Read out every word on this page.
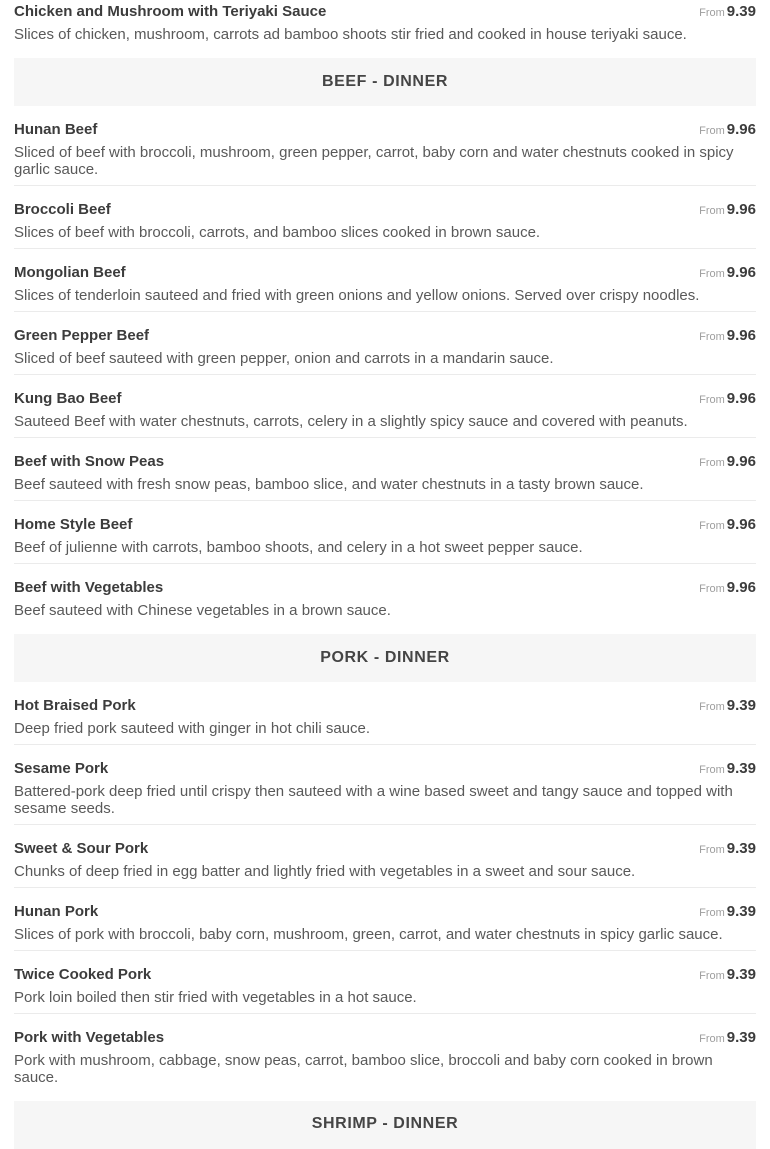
Chicken and Mushroom with Teriyaki Sauce	From 9.39

Slices of chicken, mushroom, carrots ad bamboo shoots stir fried and cooked in house teriyaki sauce.

BEEF - DINNER
Hunan Beef	From 9.96

Sliced of beef with broccoli, mushroom, green pepper, carrot, baby corn and water chestnuts cooked in spicy garlic sauce.

Broccoli Beef	From 9.96

Slices of beef with broccoli, carrots, and bamboo slices cooked in brown sauce.

Mongolian Beef	From 9.96

Slices of tenderloin sauteed and fried with green onions and yellow onions. Served over crispy noodles.

Green Pepper Beef	From 9.96

Sliced of beef sauteed with green pepper, onion and carrots in a mandarin sauce.

Kung Bao Beef	From 9.96

Sauteed Beef with water chestnuts, carrots, celery in a slightly spicy sauce and covered with peanuts.

Beef with Snow Peas	From 9.96

Beef sauteed with fresh snow peas, bamboo slice, and water chestnuts in a tasty brown sauce.

Home Style Beef	From 9.96

Beef of julienne with carrots, bamboo shoots, and celery in a hot sweet pepper sauce.

Beef with Vegetables	From 9.96

Beef sauteed with Chinese vegetables in a brown sauce.

PORK - DINNER
Hot Braised Pork	From 9.39

Deep fried pork sauteed with ginger in hot chili sauce.

Sesame Pork	From 9.39

Battered-pork deep fried until crispy then sauteed with a wine based sweet and tangy sauce and topped with sesame seeds.

Sweet & Sour Pork	From 9.39

Chunks of deep fried in egg batter and lightly fried with vegetables in a sweet and sour sauce.

Hunan Pork	From 9.39

Slices of pork with broccoli, baby corn, mushroom, green, carrot, and water chestnuts in spicy garlic sauce.

Twice Cooked Pork	From 9.39

Pork loin boiled then stir fried with vegetables in a hot sauce.

Pork with Vegetables	From 9.39

Pork with mushroom, cabbage, snow peas, carrot, bamboo slice, broccoli and baby corn cooked in brown sauce.

SHRIMP - DINNER
